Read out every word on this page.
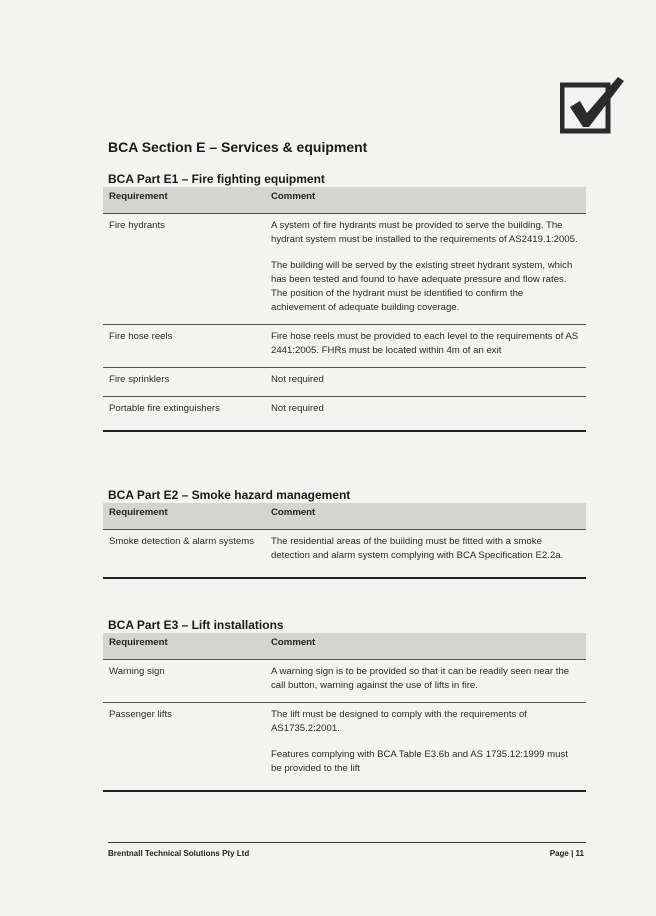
BCA Section E – Services & equipment
BCA Part E1 – Fire fighting equipment
Requirement	Comment
Fire hydrants	A system of fire hydrants must be provided to serve the building. The hydrant system must be installed to the requirements of AS2419.1:2005.

The building will be served by the existing street hydrant system, which has been tested and found to have adequate pressure and flow rates. The position of the hydrant must be identified to confirm the achievement of adequate building coverage.

Fire hose reels	Fire hose reels must be provided to each level to the requirements of AS 2441:2005. FHRs must be located within 4m of an exit

Fire sprinklers	Not required

Portable fire extinguishers	Not required

BCA Part E2 – Smoke hazard management
Requirement	Comment
Smoke detection & alarm systems	The residential areas of the building must be fitted with a smoke detection and alarm system complying with BCA Specification E2.2a.

BCA Part E3 – Lift installations
Requirement	Comment
Warning sign	A warning sign is to be provided so that it can be readily seen near the call button, warning against the use of lifts in fire.

Passenger lifts	The lift must be designed to comply with the requirements of AS1735.2:2001.

Features complying with BCA Table E3.6b and AS 1735.12:1999 must be provided to the lift

Brentnall Technical Solutions Pty Ltd	Page | 11
